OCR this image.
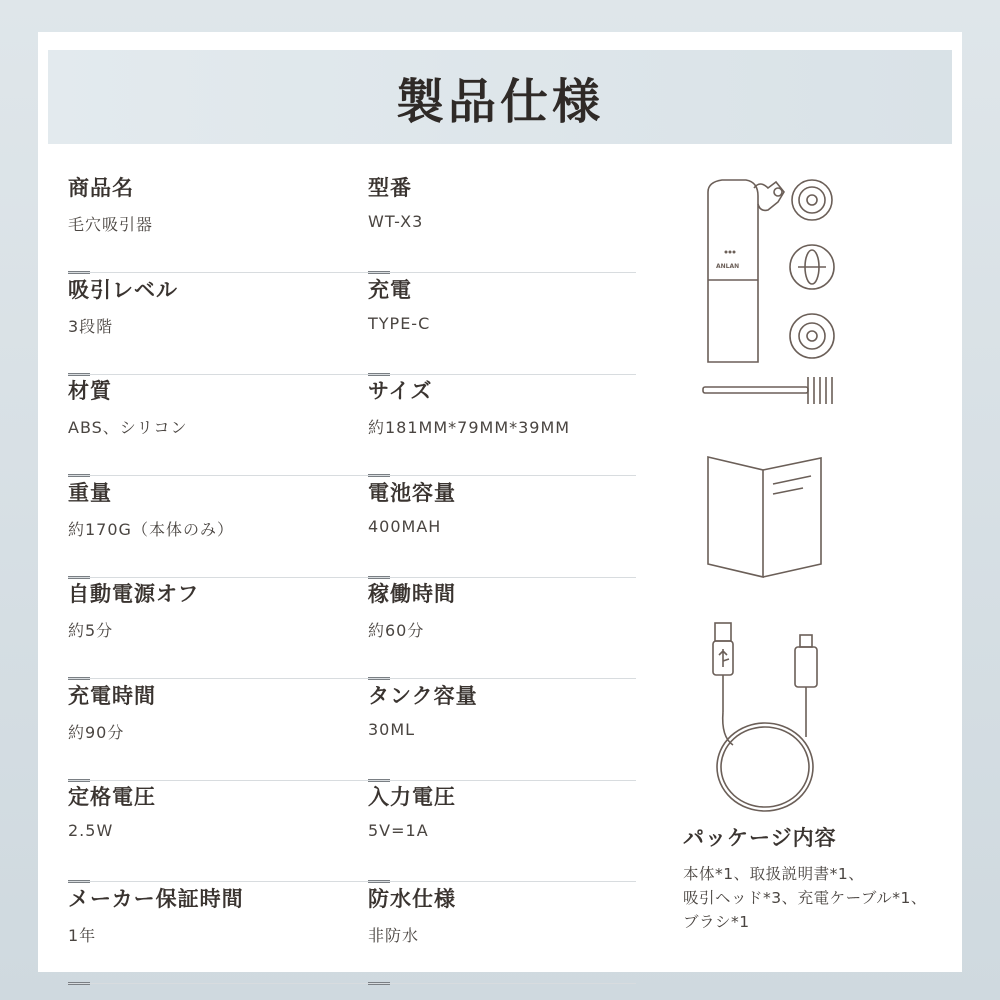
製品仕様
商品名
毛穴吸引器
型番
WT-X3
吸引レベル
3段階
充電
TYPE-C
材質
ABS、シリコン
サイズ
約181MM*79MM*39MM
重量
約170G（本体のみ）
電池容量
400MAH
自動電源オフ
約5分
稼働時間
約60分
充電時間
約90分
タンク容量
30ML
定格電圧
2.5W
入力電圧
5V=1A
メーカー保証時間
1年
防水仕様
非防水
ANLAN
パッケージ内容
本体*1、取扱説明書*1、
吸引ヘッド*3、充電ケーブル*1、
ブラシ*1
